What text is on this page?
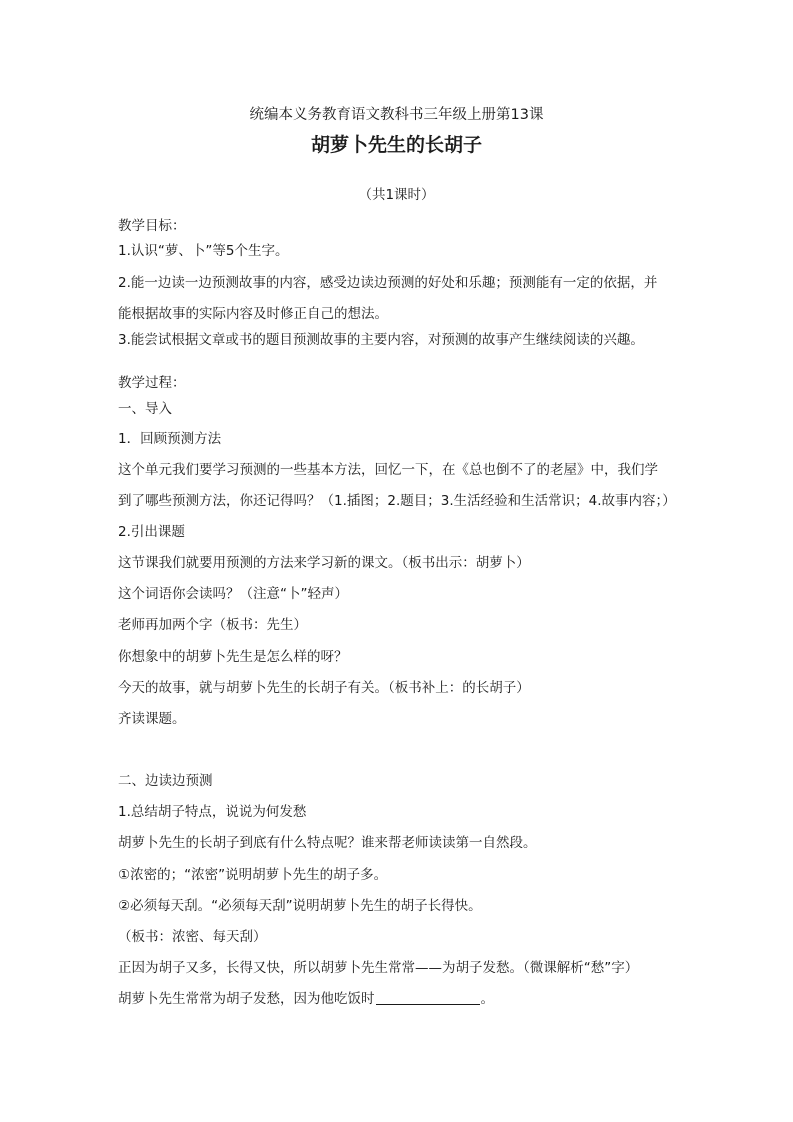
统编本义务教育语文教科书三年级上册第13课
胡萝卜先生的长胡子
（共1课时）
教学目标：
1.认识“萝、卜”等5个生字。
2.能一边读一边预测故事的内容，感受边读边预测的好处和乐趣；预测能有一定的依据，并
能根据故事的实际内容及时修正自己的想法。
3.能尝试根据文章或书的题目预测故事的主要内容，对预测的故事产生继续阅读的兴趣。
教学过程：
一、导入
1．回顾预测方法
这个单元我们要学习预测的一些基本方法，回忆一下，在《总也倒不了的老屋》中，我们学
到了哪些预测方法，你还记得吗？（1.插图；2.题目；3.生活经验和生活常识；4.故事内容；）
2.引出课题
这节课我们就要用预测的方法来学习新的课文。（板书出示：胡萝卜）
这个词语你会读吗？（注意“卜”轻声）
老师再加两个字（板书：先生）
你想象中的胡萝卜先生是怎么样的呀？
今天的故事，就与胡萝卜先生的长胡子有关。（板书补上：的长胡子）
齐读课题。
二、边读边预测
1.总结胡子特点，说说为何发愁
胡萝卜先生的长胡子到底有什么特点呢？谁来帮老师读读第一自然段。
①浓密的；“浓密”说明胡萝卜先生的胡子多。
②必须每天刮。“必须每天刮”说明胡萝卜先生的胡子长得快。
（板书：浓密、每天刮）
正因为胡子又多，长得又快，所以胡萝卜先生常常——为胡子发愁。（微课解析“愁”字）
胡萝卜先生常常为胡子发愁，因为他吃饭时	。
